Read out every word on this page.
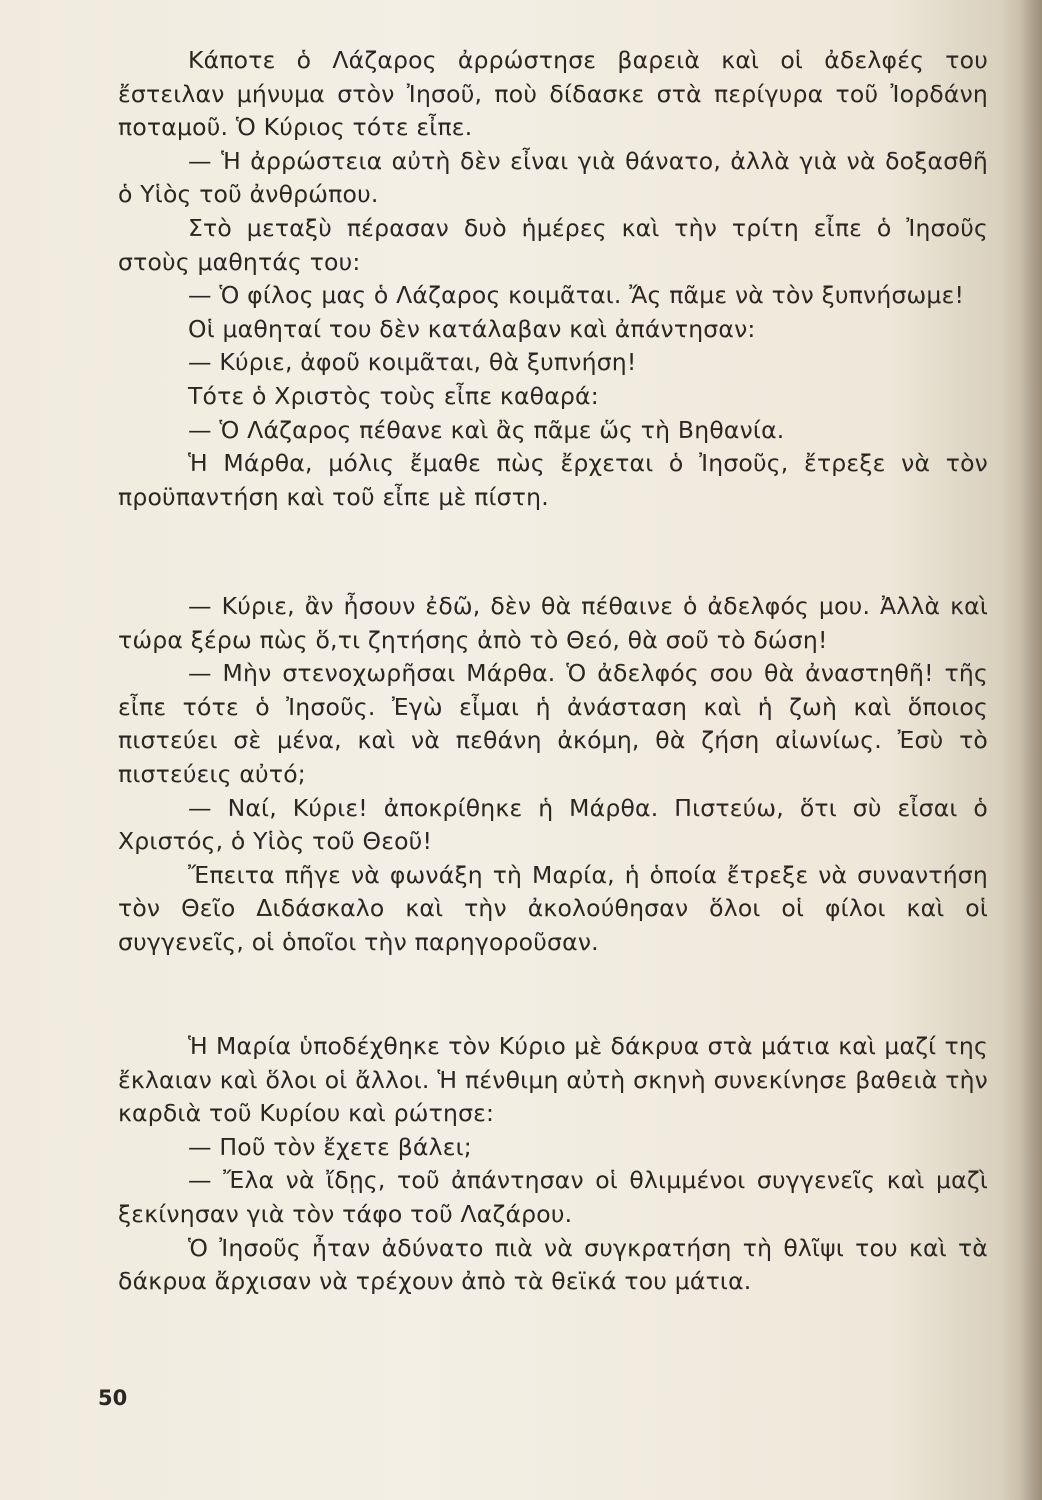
Κάποτε ὁ Λάζαρος ἀρρώστησε βαρειὰ καὶ οἱ ἀδελφές του ἔστειλαν μήνυμα στὸν Ἰησοῦ, ποὺ δίδασκε στὰ περίγυρα τοῦ Ἰορδάνη ποταμοῦ. Ὁ Κύριος τότε εἶπε.

— Ἡ ἀρρώστεια αὐτὴ δὲν εἶναι γιὰ θάνατο, ἀλλὰ γιὰ νὰ δοξασθῆ ὁ Υἱὸς τοῦ ἀνθρώπου.

Στὸ μεταξὺ πέρασαν δυὸ ἡμέρες καὶ τὴν τρίτη εἶπε ὁ Ἰησοῦς στοὺς μαθητάς του:

— Ὁ φίλος μας ὁ Λάζαρος κοιμᾶται. Ἄς πᾶμε νὰ τὸν ξυπνήσωμε!

Οἱ μαθηταί του δὲν κατάλαβαν καὶ ἀπάντησαν:

— Κύριε, ἀφοῦ κοιμᾶται, θὰ ξυπνήση!

Τότε ὁ Χριστὸς τοὺς εἶπε καθαρά:

— Ὁ Λάζαρος πέθανε καὶ ἂς πᾶμε ὥς τὴ Βηθανία.

Ἡ Μάρθα, μόλις ἔμαθε πὼς ἔρχεται ὁ Ἰησοῦς, ἔτρεξε νὰ τὸν προϋπαντήση καὶ τοῦ εἶπε μὲ πίστη.

— Κύριε, ἂν ἦσουν ἐδῶ, δὲν θὰ πέθαινε ὁ ἀδελφός μου. Ἀλλὰ καὶ τώρα ξέρω πὼς ὅ,τι ζητήσης ἀπὸ τὸ Θεό, θὰ σοῦ τὸ δώση!

— Μὴν στενοχωρῆσαι Μάρθα. Ὁ ἀδελφός σου θὰ ἀναστηθῆ! τῆς εἶπε τότε ὁ Ἰησοῦς. Ἐγὼ εἶμαι ἡ ἀνάσταση καὶ ἡ ζωὴ καὶ ὅποιος πιστεύει σὲ μένα, καὶ νὰ πεθάνη ἀκόμη, θὰ ζήση αἰωνίως. Ἐσὺ τὸ πιστεύεις αὐτό;

— Ναί, Κύριε! ἀποκρίθηκε ἡ Μάρθα. Πιστεύω, ὅτι σὺ εἶσαι ὁ Χριστός, ὁ Υἱὸς τοῦ Θεοῦ!

Ἔπειτα πῆγε νὰ φωνάξη τὴ Μαρία, ἡ ὁποία ἔτρεξε νὰ συναντήση τὸν Θεῖο Διδάσκαλο καὶ τὴν ἀκολούθησαν ὅλοι οἱ φίλοι καὶ οἱ συγγενεῖς, οἱ ὁποῖοι τὴν παρηγοροῦσαν.

Ἡ Μαρία ὑποδέχθηκε τὸν Κύριο μὲ δάκρυα στὰ μάτια καὶ μαζί της ἔκλαιαν καὶ ὅλοι οἱ ἄλλοι. Ἡ πένθιμη αὐτὴ σκηνὴ συνεκίνησε βαθειὰ τὴν καρδιὰ τοῦ Κυρίου καὶ ρώτησε:

— Ποῦ τὸν ἔχετε βάλει;

— Ἔλα νὰ ἴδῃς, τοῦ ἀπάντησαν οἱ θλιμμένοι συγγενεῖς καὶ μαζὶ ξεκίνησαν γιὰ τὸν τάφο τοῦ Λαζάρου.

Ὁ Ἰησοῦς ἦταν ἀδύνατο πιὰ νὰ συγκρατήση τὴ θλῖψι του καὶ τὰ δάκρυα ἄρχισαν νὰ τρέχουν ἀπὸ τὰ θεϊκά του μάτια.

50
